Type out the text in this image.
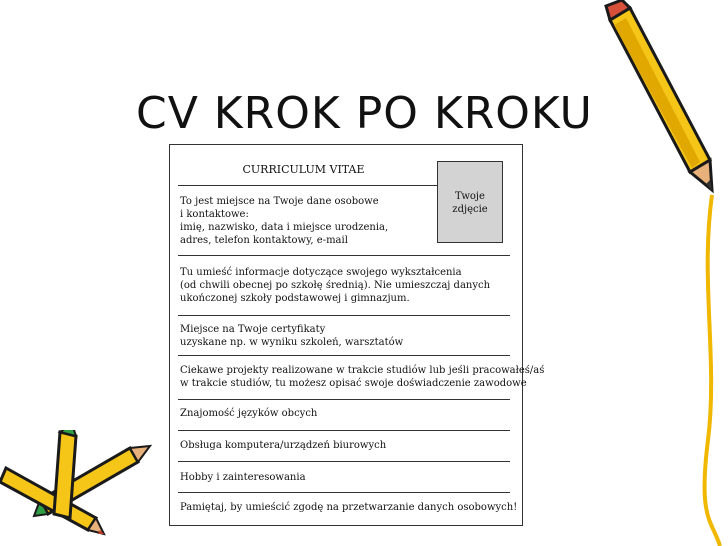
CV KROK PO KROKU
CURRICULUM VITAE
Twoje
zdjęcie
To jest miejsce na Twoje dane osobowe
i kontaktowe:
imię, nazwisko, data i miejsce urodzenia,
adres, telefon kontaktowy, e-mail
Tu umieść informacje dotyczące swojego wykształcenia
(od chwili obecnej po szkołę średnią). Nie umieszczaj danych
ukończonej szkoły podstawowej i gimnazjum.
Miejsce na Twoje certyfikaty
uzyskane np. w wyniku szkoleń, warsztatów
Ciekawe projekty realizowane w trakcie studiów lub jeśli pracowałeś/aś
w trakcie studiów, tu możesz opisać swoje doświadczenie zawodowe
Znajomość języków obcych
Obsługa komputera/urządzeń biurowych
Hobby i zainteresowania
Pamiętaj, by umieścić zgodę na przetwarzanie danych osobowych!
